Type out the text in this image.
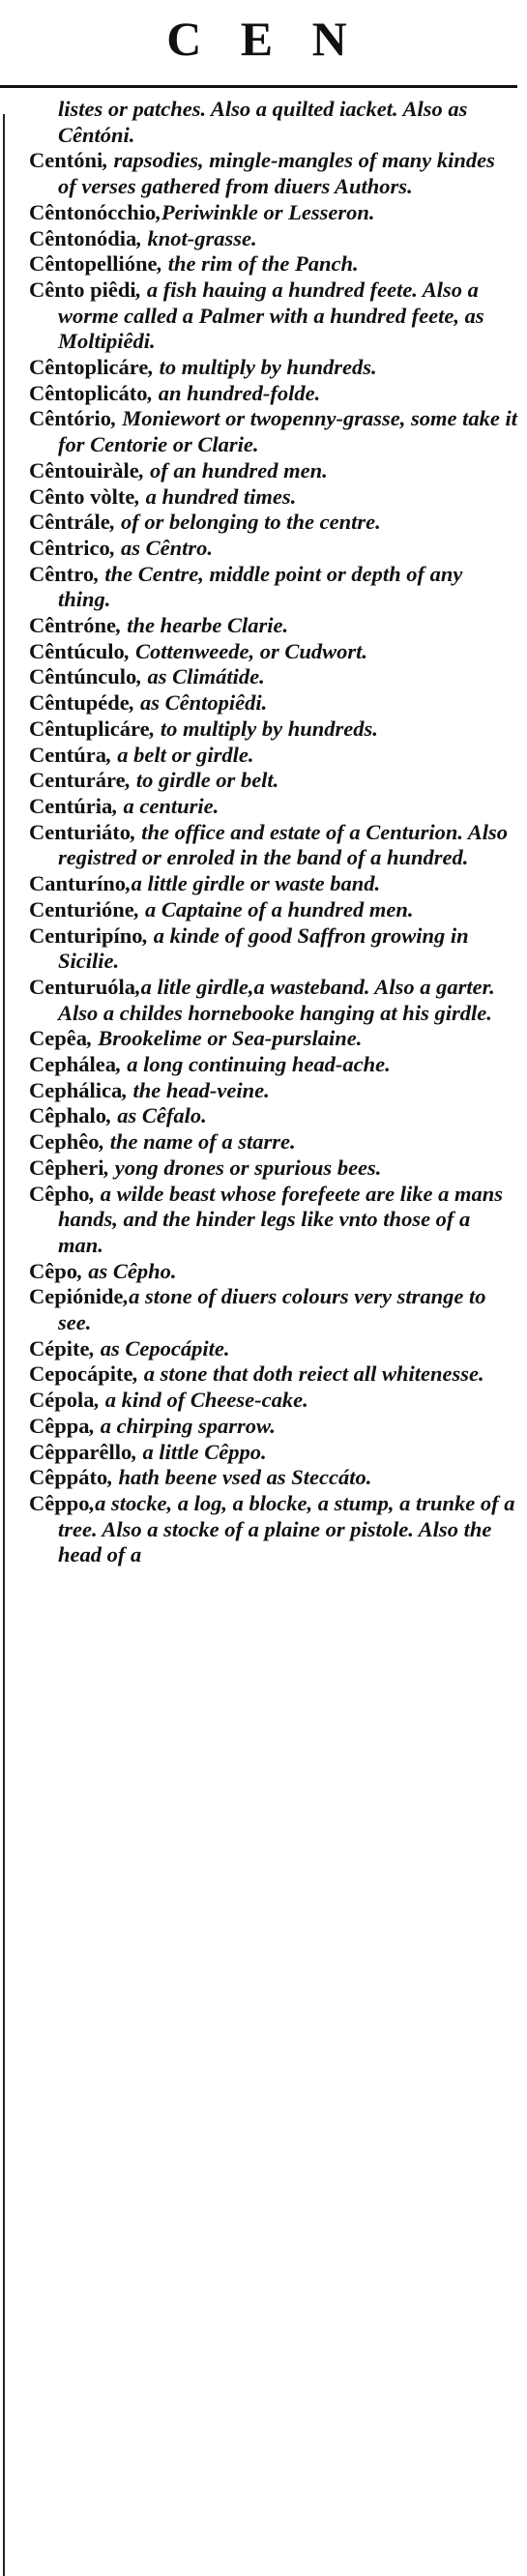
C E N

listes or patches. Also a quilted iacket. Also as Cêntóni.

Centóni, rapsodies, mingle-mangles of many kindes of verses gathered from diuers Authors.

Cêntonócchio,Periwinkle or Lesseron.

Cêntonódia, knot-grasse.

Cêntopellióne, the rim of the Panch.

Cênto piêdi, a fish hauing a hundred feete. Also a worme called a Palmer with a hundred feete, as Moltipiêdi.

Cêntoplicáre, to multiply by hundreds.

Cêntoplicáto, an hundred-folde.

Cêntório, Moniewort or twopenny-grasse, some take it for Centorie or Clarie.

Cêntouiràle, of an hundred men.

Cênto vòlte, a hundred times.

Cêntrále, of or belonging to the centre.

Cêntrico, as Cêntro.

Cêntro, the Centre, middle point or depth of any thing.

Cêntróne, the hearbe Clarie.

Cêntúculo, Cottenweede, or Cudwort.

Cêntúnculo, as Climátide.

Cêntupéde, as Cêntopiêdi.

Cêntuplicáre, to multiply by hundreds.

Centúra, a belt or girdle.

Centuráre, to girdle or belt.

Centúria, a centurie.

Centuriáto, the office and estate of a Centurion. Also registred or enroled in the band of a hundred.

Canturíno,a little girdle or waste band.

Centurióne, a Captaine of a hundred men.

Centuripíno, a kinde of good Saffron growing in Sicilie.

Centuruóla,a litle girdle,a wasteband. Also a garter. Also a childes hornebooke hanging at his girdle.

Cepêa, Brookelime or Sea-purslaine.

Cephálea, a long continuing head-ache.

Cephálica, the head-veine.

Cêphalo, as Cêfalo.

Cephêo, the name of a starre.

Cêpheri, yong drones or spurious bees.

Cêpho, a wilde beast whose forefeete are like a mans hands, and the hinder legs like vnto those of a man.

Cêpo, as Cêpho.

Cepiónide,a stone of diuers colours very strange to see.

Cépite, as Cepocápite.

Cepocápite, a stone that doth reiect all whitenesse.

Cépola, a kind of Cheese-cake.

Cêppa, a chirping sparrow.

Cêpparêllo, a little Cêppo.

Cêppáto, hath beene vsed as Steccáto.

Cêppo,a stocke, a log, a blocke, a stump, a trunke of a tree. Also a stocke of a plaine or pistole. Also the head of a
